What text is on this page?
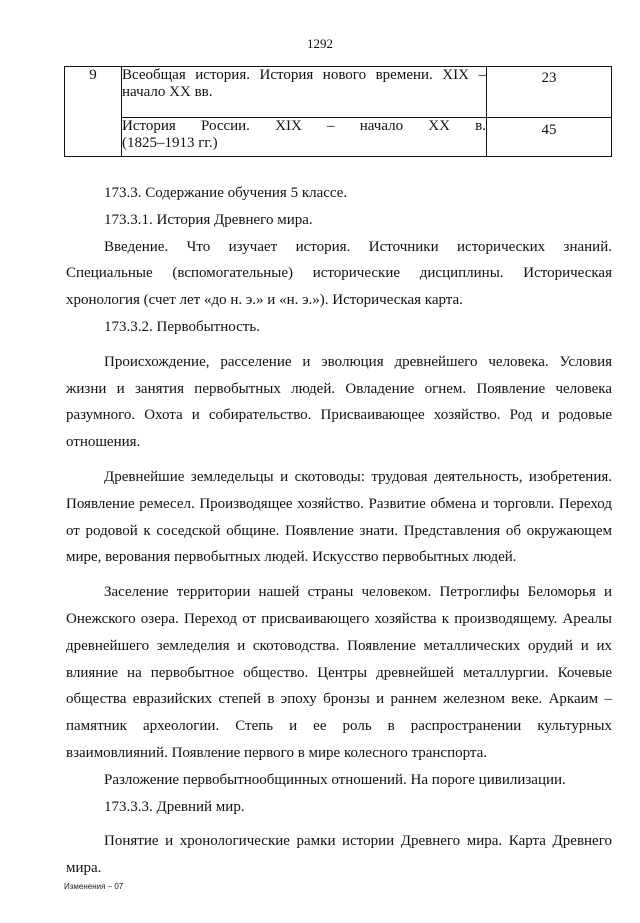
1292
9	Всеобщая история. История нового времени. XIX –
начало XX вв.	23

	История России. XIX – начало XX в.
(1825–1913 гг.)	45

173.3. Содержание обучения 5 классе.

173.3.1. История Древнего мира.

Введение. Что изучает история. Источники исторических знаний. Специальные (вспомогательные) исторические дисциплины. Историческая хронология (счет лет «до н. э.» и «н. э.»). Историческая карта.

173.3.2. Первобытность.

Происхождение, расселение и эволюция древнейшего человека. Условия жизни и занятия первобытных людей. Овладение огнем. Появление человека разумного. Охота и собирательство. Присваивающее хозяйство. Род и родовые отношения.

Древнейшие земледельцы и скотоводы: трудовая деятельность, изобретения. Появление ремесел. Производящее хозяйство. Развитие обмена и торговли. Переход от родовой к соседской общине. Появление знати. Представления об окружающем мире, верования первобытных людей. Искусство первобытных людей.

Заселение территории нашей страны человеком. Петроглифы Беломорья и Онежского озера. Переход от присваивающего хозяйства к производящему. Ареалы древнейшего земледелия и скотоводства. Появление металлических орудий и их влияние на первобытное общество. Центры древнейшей металлургии. Кочевые общества евразийских степей в эпоху бронзы и раннем железном веке. Аркаим – памятник археологии. Степь и ее роль в распространении культурных взаимовлияний. Появление первого в мире колесного транспорта.

Разложение первобытнообщинных отношений. На пороге цивилизации.

173.3.3. Древний мир.

Понятие и хронологические рамки истории Древнего мира. Карта Древнего мира.

Изменения – 07
